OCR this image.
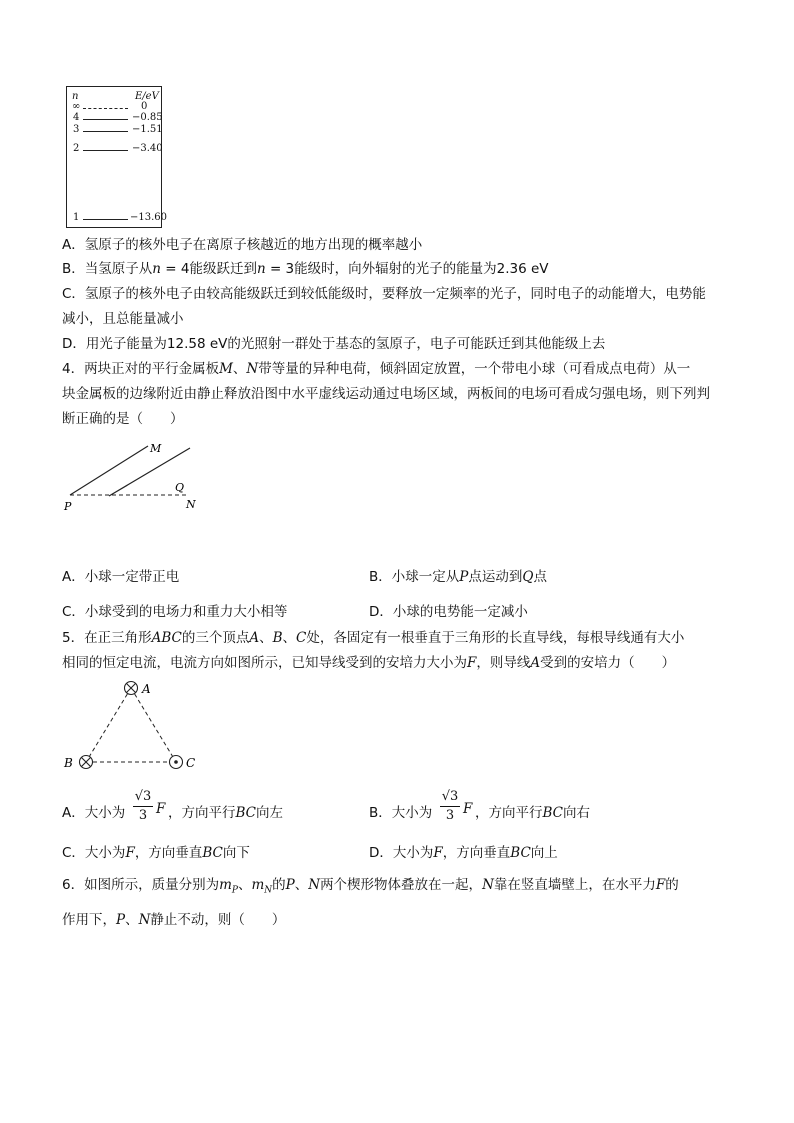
n	E/eV
∞	0
4	−0.85
3	−1.51
2	−3.40
1	−13.60
A．氢原子的核外电子在离原子核越近的地方出现的概率越小
B．当氢原子从n = 4能级跃迁到n = 3能级时，向外辐射的光子的能量为2.36 eV
C．氢原子的核外电子由较高能级跃迁到较低能级时，要释放一定频率的光子，同时电子的动能增大，电势能
减小，且总能量减小
D．用光子能量为12.58 eV的光照射一群处于基态的氢原子，电子可能跃迁到其他能级上去
4．两块正对的平行金属板M、N带等量的异种电荷，倾斜固定放置，一个带电小球（可看成点电荷）从一
块金属板的边缘附近由静止释放沿图中水平虚线运动通过电场区域，两板间的电场可看成匀强电场，则下列判
断正确的是（　　）
M
Q
P	N
A．小球一定带正电	B．小球一定从P点运动到Q点
C．小球受到的电场力和重力大小相等	D．小球的电势能一定减小
5．在正三角形ABC的三个顶点A、B、C处，各固定有一根垂直于三角形的长直导线，每根导线通有大小
相同的恒定电流，电流方向如图所示，已知导线受到的安培力大小为F，则导线A受到的安培力（　　）
A
B	C
A．大小为
√3
3 F ，方向平行BC向左	B．大小为
√3
3 F ，方向平行BC向右
C．大小为F，方向垂直BC向下	D．大小为F，方向垂直BC向上
6．如图所示，质量分别为$m_P$、$m_N$的P、N两个楔形物体叠放在一起，N靠在竖直墙壁上，在水平力F的
作用下，P、N静止不动，则（　　）
